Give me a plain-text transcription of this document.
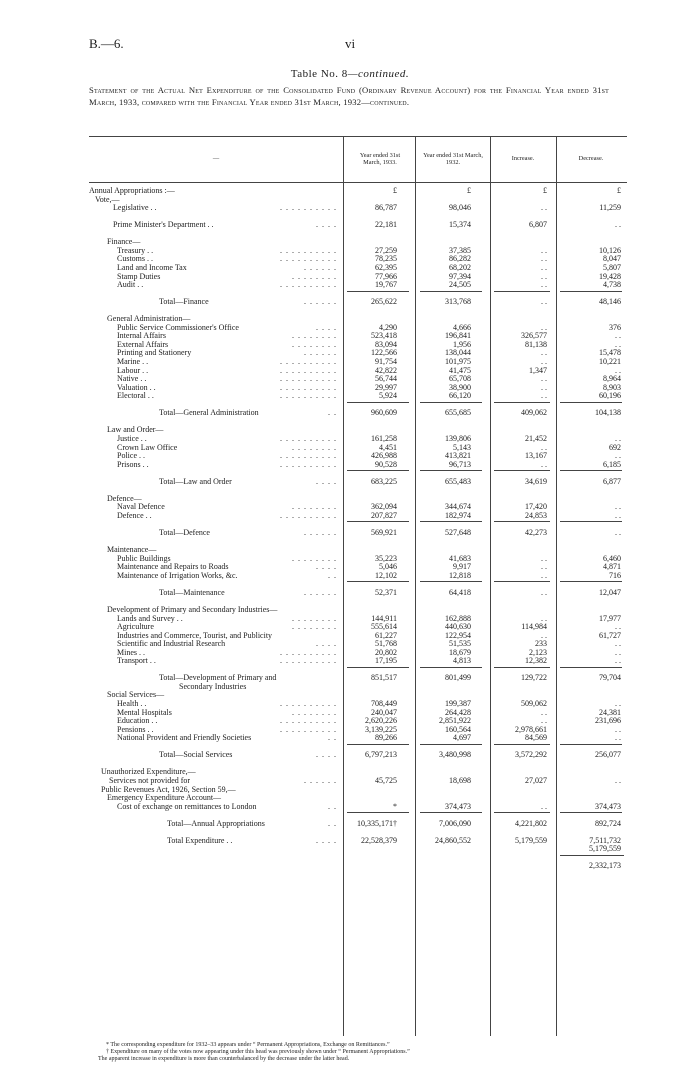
B.—6.	vi
Table No. 8—continued.
Statement of the Actual Net Expenditure of the Consolidated Fund (Ordinary Revenue Account) for the Financial Year ended 31st March, 1933, compared with the Financial Year ended 31st March, 1932—continued.
—
Year ended 31st March, 1933.
Year ended 31st March, 1932.
Increase.	Decrease.
Annual Appropriations :—	£	£	£	£
Vote,—
Legislative . .	. . . . . . . . . .	86,787	98,046	. .	11,259
Prime Minister's Department . .	. . . .	22,181	15,374	6,807	. .
Finance—
Treasury . .	. . . . . . . . . .	27,259	37,385	. .	10,126
Customs . .	. . . . . . . . . .	78,235	86,282	. .	8,047
Land and Income Tax	. . . . . .	62,395	68,202	. .	5,807
Stamp Duties	. . . . . . . .	77,966	97,394	. .	19,428
Audit . .	. . . . . . . . . .	19,767	24,505	. .	4,738
Total—Finance	. . . . . .	265,622	313,768	. .	48,146
General Administration—
Public Service Commissioner's Office	. . . .	4,290	4,666	. .	376
Internal Affairs	. . . . . . . .	523,418	196,841	326,577	. .
External Affairs	. . . . . . . .	83,094	1,956	81,138	. .
Printing and Stationery	. . . . . .	122,566	138,044	. .	15,478
Marine . .	. . . . . . . . . .	91,754	101,975	. .	10,221
Labour . .	. . . . . . . . . .	42,822	41,475	1,347	. .
Native . .	. . . . . . . . . .	56,744	65,708	. .	8,964
Valuation . .	. . . . . . . . . .	29,997	38,900	. .	8,903
Electoral . .	. . . . . . . . . .	5,924	66,120	. .	60,196
Total—General Administration	. .	960,609	655,685	409,062	104,138
Law and Order—
Justice . .	. . . . . . . . . .	161,258	139,806	21,452	. .
Crown Law Office	. . . . . . . .	4,451	5,143	. .	692
Police . .	. . . . . . . . . .	426,988	413,821	13,167	. .
Prisons . .	. . . . . . . . . .	90,528	96,713	. .	6,185
Total—Law and Order	. . . .	683,225	655,483	34,619	6,877
Defence—
Naval Defence	. . . . . . . .	362,094	344,674	17,420	. .
Defence . .	. . . . . . . . . .	207,827	182,974	24,853	. .
Total—Defence	. . . . . .	569,921	527,648	42,273	. .
Maintenance—
Public Buildings	. . . . . . . .	35,223	41,683	. .	6,460
Maintenance and Repairs to Roads	. . . .	5,046	9,917	. .	4,871
Maintenance of Irrigation Works, &c.	. .	12,102	12,818	. .	716
Total—Maintenance	. . . . . .	52,371	64,418	. .	12,047
Development of Primary and Secondary Industries—
Lands and Survey . .	. . . . . . . .	144,911	162,888	. .	17,977
Agriculture	. . . . . . . .	555,614	440,630	114,984	. .
Industries and Commerce, Tourist, and Publicity	61,227	122,954	. .	61,727
Scientific and Industrial Research	. . . .	51,768	51,535	233	. .
Mines . .	. . . . . . . . . .	20,802	18,679	2,123	. .
Transport . .	. . . . . . . . . .	17,195	4,813	12,382	. .
Total—Development of Primary and	851,517	801,499	129,722	79,704
Secondary Industries
Social Services—
Health . .	. . . . . . . . . .	708,449	199,387	509,062	. .
Mental Hospitals	. . . . . . . .	240,047	264,428	. .	24,381
Education . .	. . . . . . . . . .	2,620,226	2,851,922	. .	231,696
Pensions . .	. . . . . . . . . .	3,139,225	160,564	2,978,661	. .
National Provident and Friendly Societies	. .	89,266	4,697	84,569	. .
Total—Social Services	. . . .	6,797,213	3,480,998	3,572,292	256,077
Unauthorized Expenditure,—
Services not provided for	. . . . . .	45,725	18,698	27,027	. .
Public Revenues Act, 1926, Section 59,—
Emergency Expenditure Account—
Cost of exchange on remittances to London	. .	*	374,473	. .	374,473
Total—Annual Appropriations	. .	10,335,171†	7,006,090	4,221,802	892,724
Total Expenditure . .	. . . .	22,528,379	24,860,552	5,179,559	7,511,732
5,179,559
2,332,173
* The corresponding expenditure for 1932–33 appears under “ Permanent Appropriations, Exchange on Remittances.”
† Expenditure on many of the votes now appearing under this head was previously shown under “ Permanent Appropriations.”
The apparent increase in expenditure is more than counterbalanced by the decrease under the latter head.
